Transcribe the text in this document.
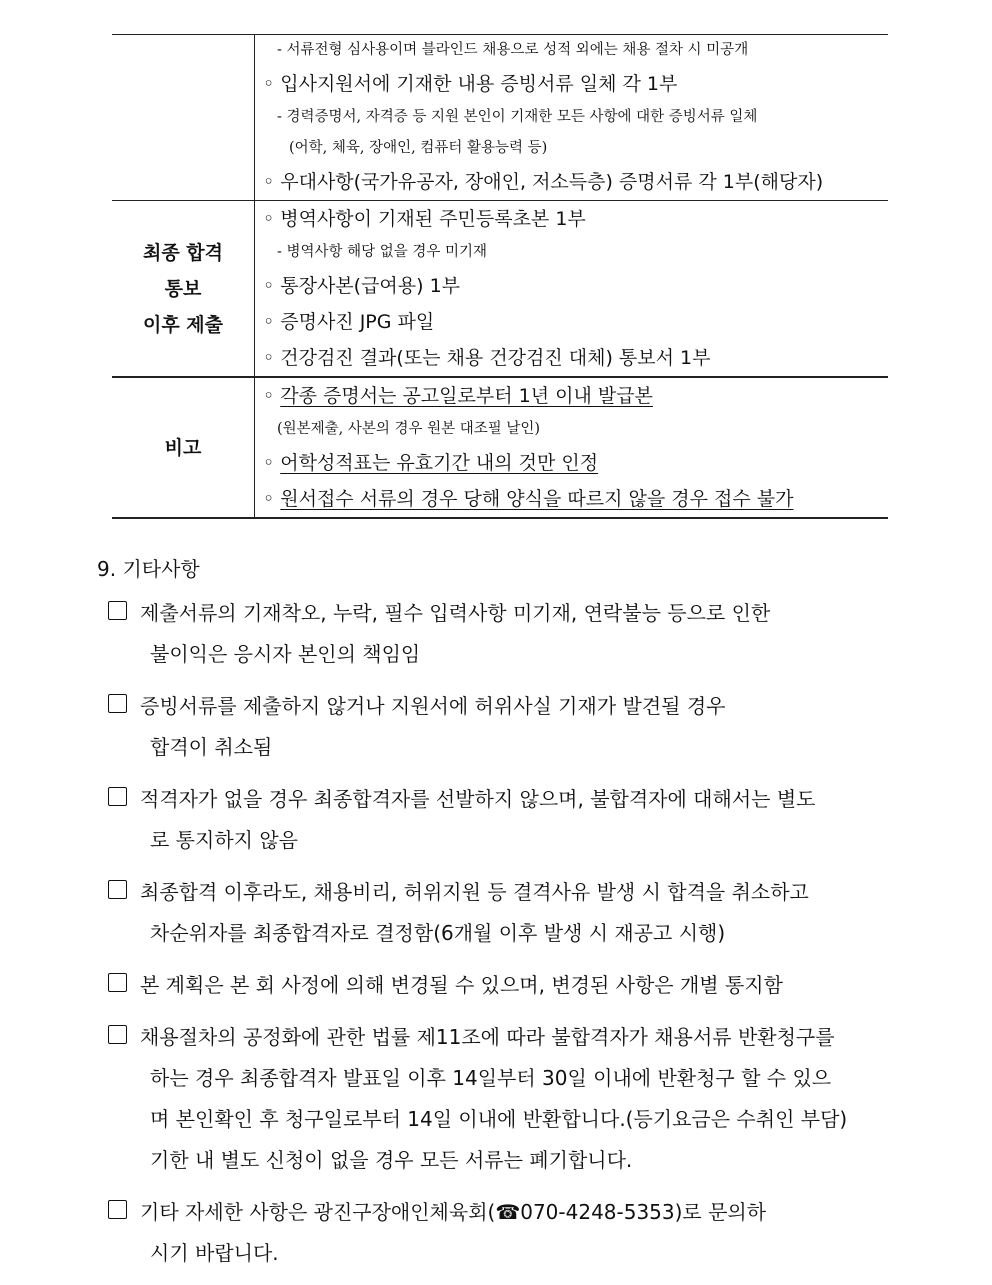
- 서류전형 심사용이며 블라인드 채용으로 성적 외에는 채용 절차 시 미공개
◦ 입사지원서에 기재한 내용 증빙서류 일체 각 1부
- 경력증명서, 자격증 등 지원 본인이 기재한 모든 사항에 대한 증빙서류 일체
(어학, 체육, 장애인, 컴퓨터 활용능력 등)
◦ 우대사항(국가유공자, 장애인, 저소득층) 증명서류 각 1부(해당자)
최종 합격
통보
이후 제출
◦ 병역사항이 기재된 주민등록초본 1부
- 병역사항 해당 없을 경우 미기재
◦ 통장사본(급여용) 1부
◦ 증명사진 JPG 파일
◦ 건강검진 결과(또는 채용 건강검진 대체) 통보서 1부
비고
◦ 각종 증명서는 공고일로부터 1년 이내 발급본
(원본제출, 사본의 경우 원본 대조필 날인)
◦ 어학성적표는 유효기간 내의 것만 인정
◦ 원서접수 서류의 경우 당해 양식을 따르지 않을 경우 접수 불가
9. 기타사항
제출서류의 기재착오, 누락, 필수 입력사항 미기재, 연락불능 등으로 인한
불이익은 응시자 본인의 책임임
증빙서류를 제출하지 않거나 지원서에 허위사실 기재가 발견될 경우
합격이 취소됨
적격자가 없을 경우 최종합격자를 선발하지 않으며, 불합격자에 대해서는 별도
로 통지하지 않음
최종합격 이후라도, 채용비리, 허위지원 등 결격사유 발생 시 합격을 취소하고
차순위자를 최종합격자로 결정함(6개월 이후 발생 시 재공고 시행)
본 계획은 본 회 사정에 의해 변경될 수 있으며, 변경된 사항은 개별 통지함
채용절차의 공정화에 관한 법률 제11조에 따라 불합격자가 채용서류 반환청구를
하는 경우 최종합격자 발표일 이후 14일부터 30일 이내에 반환청구 할 수 있으
며 본인확인 후 청구일로부터 14일 이내에 반환합니다.(등기요금은 수취인 부담)
기한 내 별도 신청이 없을 경우 모든 서류는 폐기합니다.
기타 자세한 사항은 광진구장애인체육회(☎070-4248-5353)로 문의하
시기 바랍니다.
